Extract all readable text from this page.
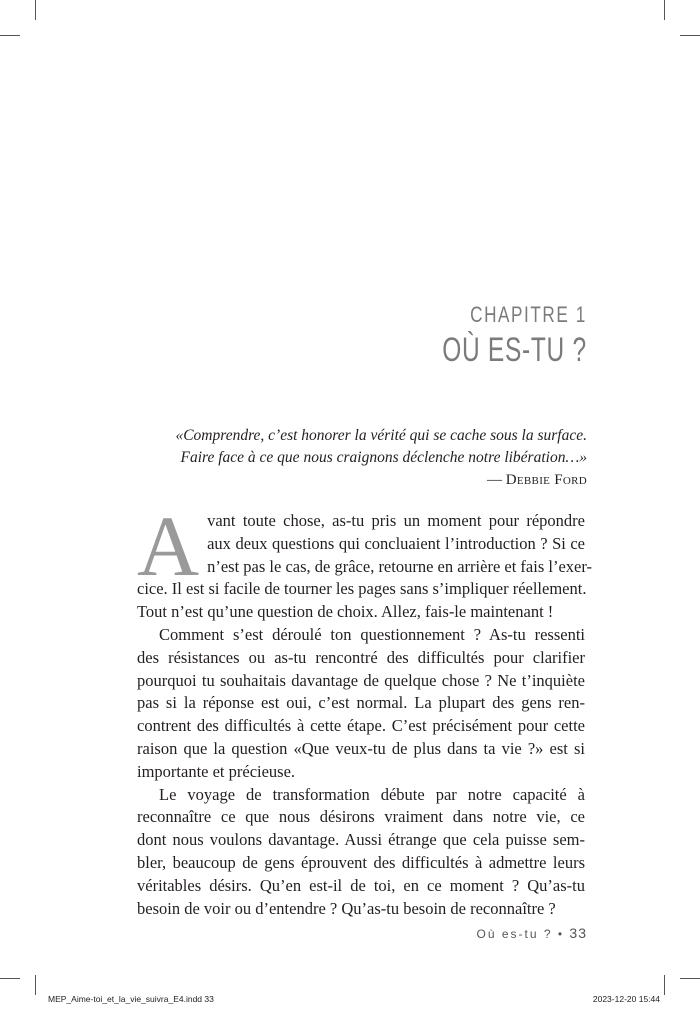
CHAPITRE 1
OÙ ES-TU ?
«Comprendre, c’est honorer la vérité qui se cache sous la surface.
Faire face à ce que nous craignons déclenche notre libération…»
— Debbie Ford

A vant toute chose, as-tu pris un moment pour répondre
aux deux questions qui concluaient l’introduction ? Si ce
n’est pas le cas, de grâce, retourne en arrière et fais l’exer-
cice. Il est si facile de tourner les pages sans s’impliquer réellement.
Tout n’est qu’une question de choix. Allez, fais-le maintenant !

Comment s’est déroulé ton questionnement ? As-tu ressenti
des résistances ou as-tu rencontré des difficultés pour clarifier
pourquoi tu souhaitais davantage de quelque chose ? Ne t’inquiète
pas si la réponse est oui, c’est normal. La plupart des gens ren-
contrent des difficultés à cette étape. C’est précisément pour cette
raison que la question «Que veux-tu de plus dans ta vie ?» est si
importante et précieuse.

Le voyage de transformation débute par notre capacité à
reconnaître ce que nous désirons vraiment dans notre vie, ce
dont nous voulons davantage. Aussi étrange que cela puisse sem-
bler, beaucoup de gens éprouvent des difficultés à admettre leurs
véritables désirs. Qu’en est-il de toi, en ce moment ? Qu’as-tu
besoin de voir ou d’entendre ? Qu’as-tu besoin de reconnaître ?

Où es-tu ? • 33
MEP_Aime-toi_et_la_vie_suivra_E4.indd 33	2023-12-20 15:44
